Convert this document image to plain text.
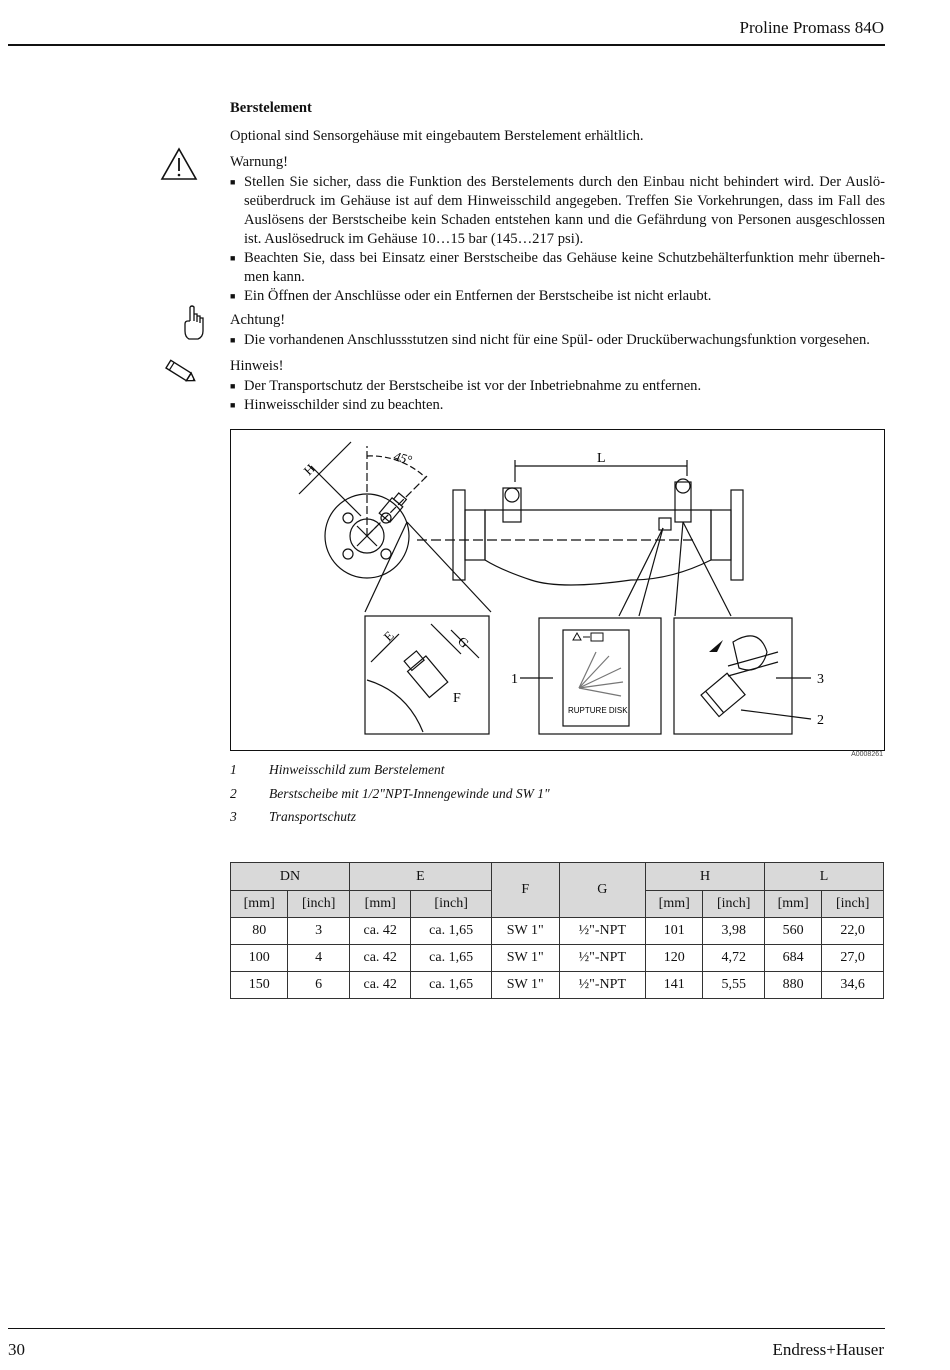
Proline Promass 84O
Berstelement
Optional sind Sensorgehäuse mit eingebautem Berstelement erhältlich.
Warnung!
■ Stellen Sie sicher, dass die Funktion des Berstelements durch den Einbau nicht behindert wird. Der Auslö-seüberdruck im Gehäuse ist auf dem Hinweisschild angegeben. Treffen Sie Vorkehrungen, dass im Fall des Auslösens der Berstscheibe kein Schaden entstehen kann und die Gefährdung von Personen ausgeschlossen ist. Auslösedruck im Gehäuse 10…15 bar (145…217 psi).
■ Beachten Sie, dass bei Einsatz einer Berstscheibe das Gehäuse keine Schutzbehälterfunktion mehr überneh-men kann.
■ Ein Öffnen der Anschlüsse oder ein Entfernen der Berstscheibe ist nicht erlaubt.
Achtung!
■ Die vorhandenen Anschlussstutzen sind nicht für eine Spül- oder Drucküberwachungsfunktion vorgesehen.
Hinweis!
■ Der Transportschutz der Berstscheibe ist vor der Inbetriebnahme zu entfernen.
■ Hinweisschilder sind zu beachten.
H
45°	L
E	G
F
1	3
2
RUPTURE DISK
A0008261
1 Hinweisschild zum Berstelement
2 Berstscheibe mit 1/2"NPT-Innengewinde und SW 1"
3 Transportschutz
DN		E		F	G	H		L	
[mm]	[inch]	[mm]	[inch]			[mm]	[inch]	[mm]	[inch]
80	3	ca. 42	ca. 1,65	SW 1"	½"-NPT	101	3,98	560	22,0
100	4	ca. 42	ca. 1,65	SW 1"	½"-NPT	120	4,72	684	27,0
150	6	ca. 42	ca. 1,65	SW 1"	½"-NPT	141	5,55	880	34,6
30	Endress+Hauser
